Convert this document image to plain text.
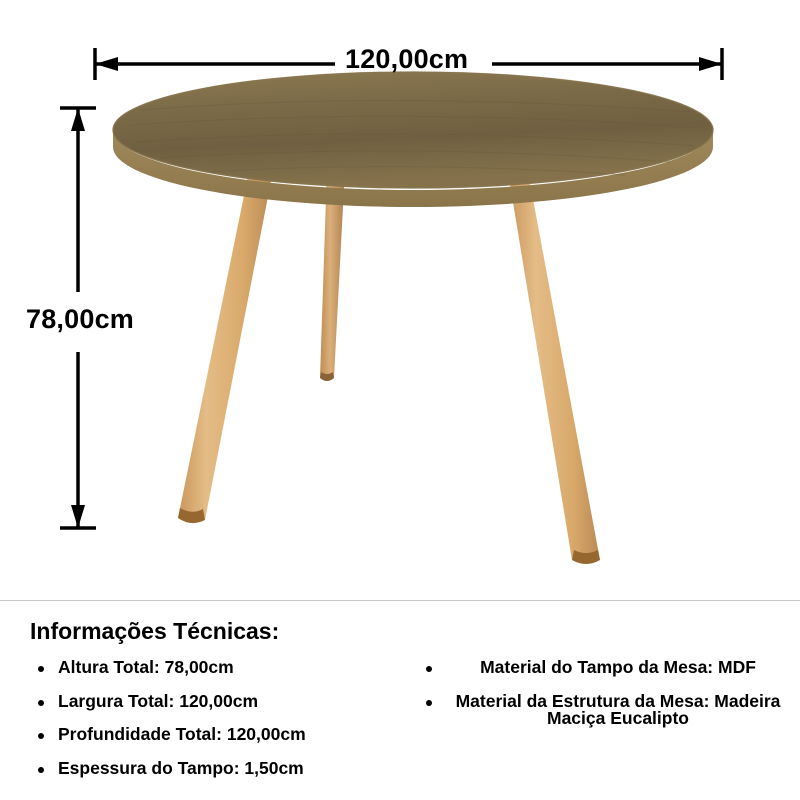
120,00cm
78,00cm
Informações Técnicas:
Altura Total: 78,00cm
Largura Total: 120,00cm
Profundidade Total: 120,00cm
Espessura do Tampo: 1,50cm
Material do Tampo da Mesa: MDF
Material da Estrutura da Mesa: Madeira Maciça Eucalipto
